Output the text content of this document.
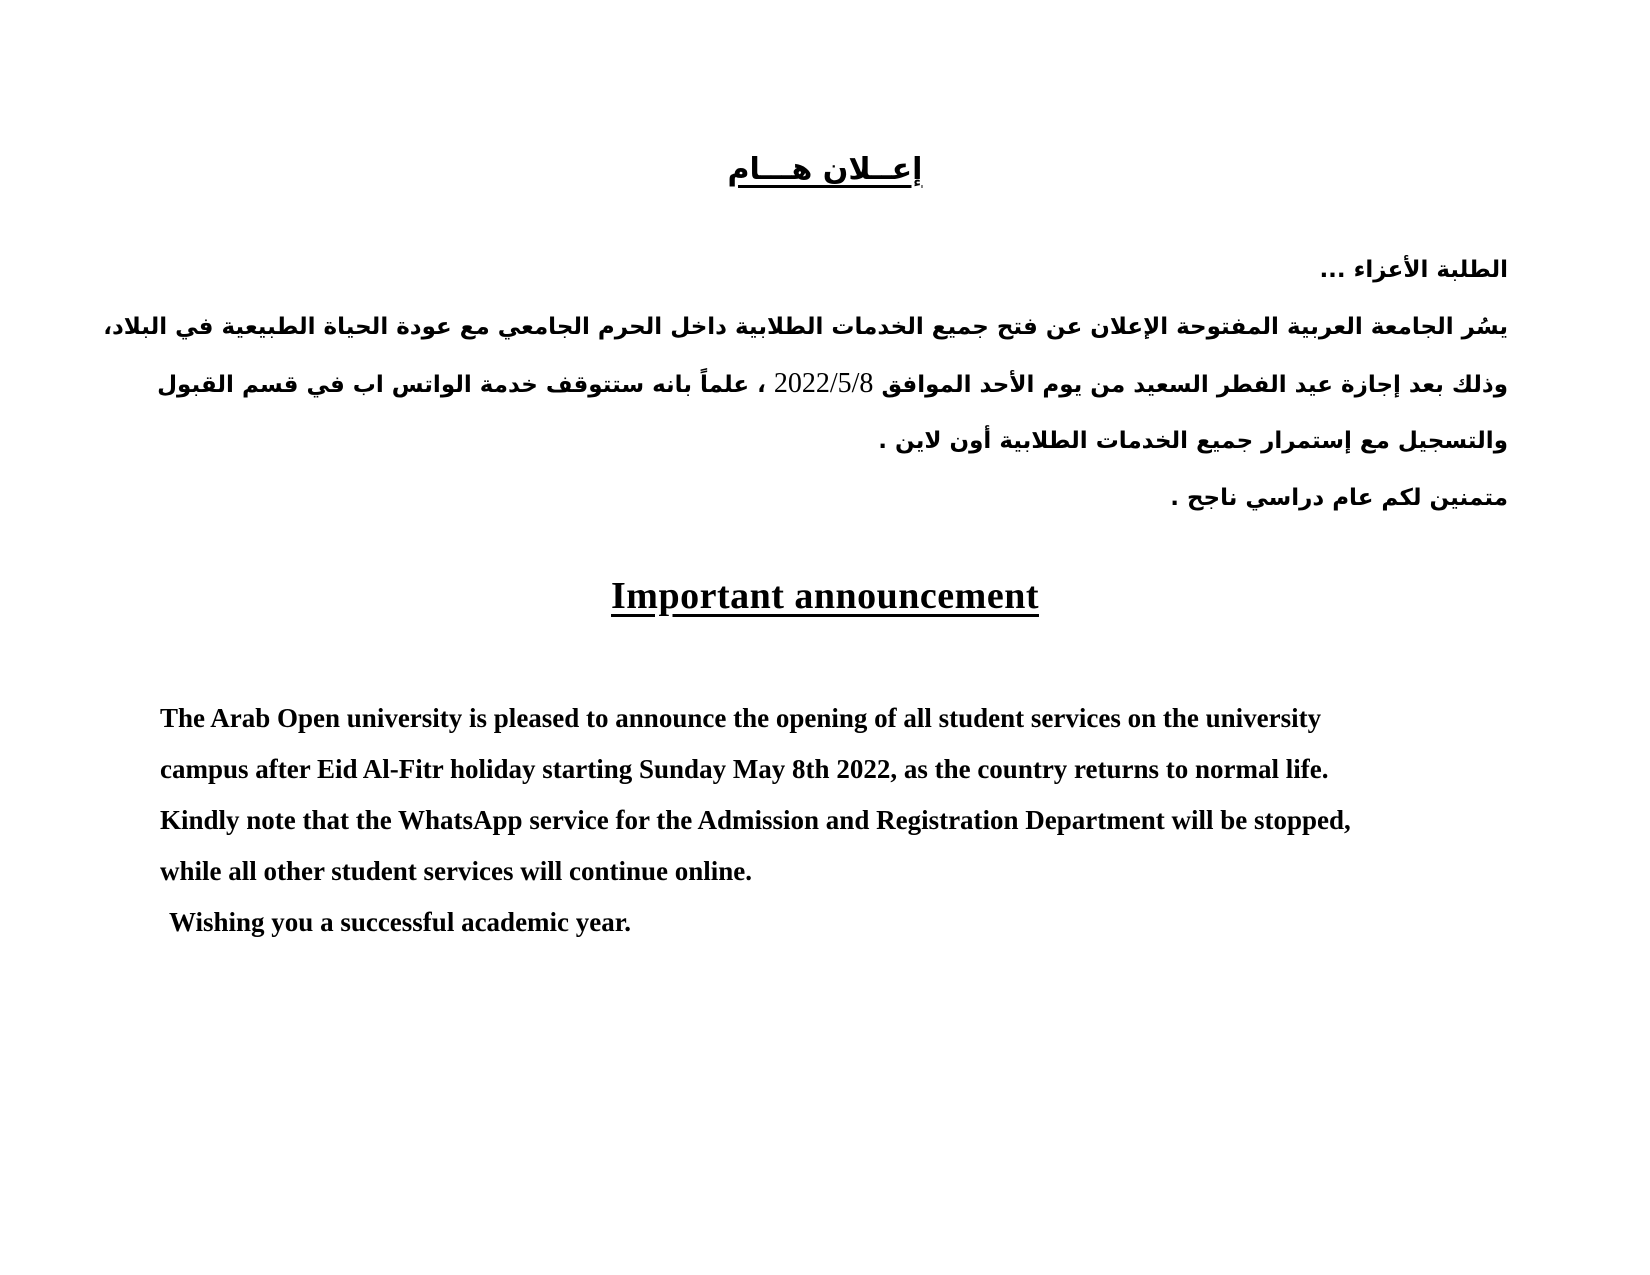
إعــلان هـــام
الطلبة الأعزاء ...
يسُر الجامعة العربية المفتوحة الإعلان عن فتح جميع الخدمات الطلابية داخل الحرم الجامعي مع عودة الحياة الطبيعية في البلاد،
وذلك بعد إجازة عيد الفطر السعيد من يوم الأحد الموافق 2022/5/8 ، علماً بانه ستتوقف خدمة الواتس اب في قسم القبول
والتسجيل مع إستمرار جميع الخدمات الطلابية أون لاين .
متمنين لكم عام دراسي ناجح .
Important announcement
The Arab Open university is pleased to announce the opening of all student services on the university
campus after Eid Al-Fitr holiday starting Sunday May 8th 2022, as the country returns to normal life.
Kindly note that the WhatsApp service for the Admission and Registration Department will be stopped,
while all other student services will continue online.
Wishing you a successful academic year.
